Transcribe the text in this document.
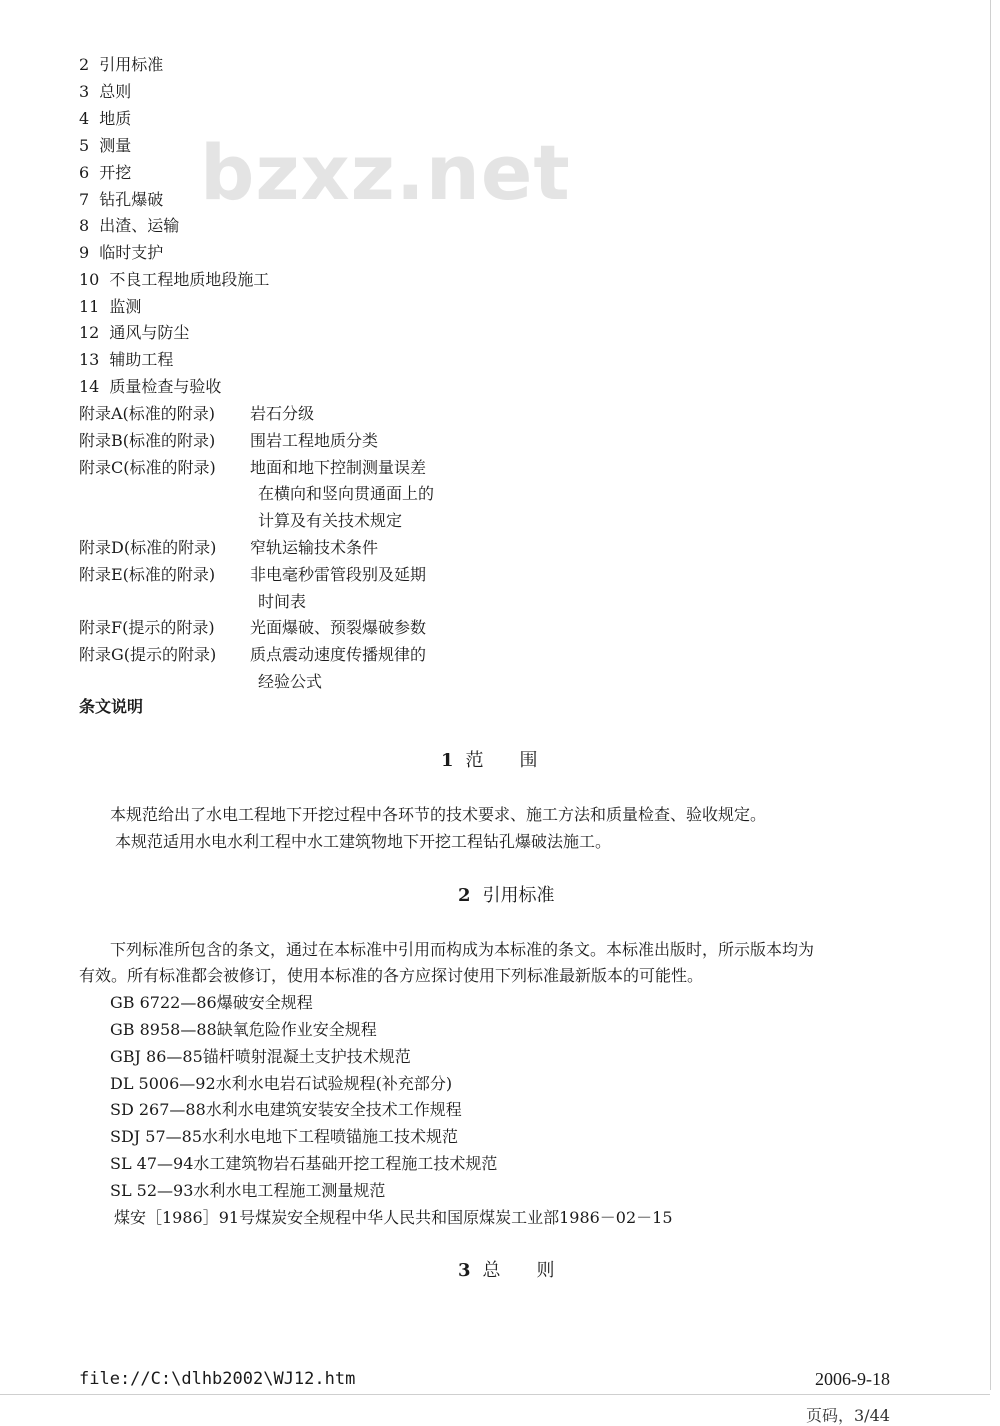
bzxz.net
2 引用标准
3 总则
4 地质
5 测量
6 开挖
7 钻孔爆破
8 出渣、运输
9 临时支护
10 不良工程地质地段施工
11 监测
12 通风与防尘
13 辅助工程
14 质量检查与验收
附录A(标准的附录) 岩石分级
附录B(标准的附录) 围岩工程地质分类
附录C(标准的附录) 地面和地下控制测量误差
在横向和竖向贯通面上的
计算及有关技术规定
附录D(标准的附录) 窄轨运输技术条件
附录E(标准的附录) 非电毫秒雷管段别及延期
时间表
附录F(提示的附录) 光面爆破、预裂爆破参数
附录G(提示的附录) 质点震动速度传播规律的
经验公式
条文说明
1 范　　围
本规范给出了水电工程地下开挖过程中各环节的技术要求、施工方法和质量检查、验收规定。
本规范适用水电水利工程中水工建筑物地下开挖工程钻孔爆破法施工。
2 引用标准
下列标准所包含的条文，通过在本标准中引用而构成为本标准的条文。本标准出版时，所示版本均为
有效。所有标准都会被修订，使用本标准的各方应探讨使用下列标准最新版本的可能性。
GB 6722—86爆破安全规程
GB 8958—88缺氧危险作业安全规程
GBJ 86—85锚杆喷射混凝土支护技术规范
DL 5006—92水利水电岩石试验规程(补充部分)
SD 267—88水利水电建筑安装安全技术工作规程
SDJ 57—85水利水电地下工程喷锚施工技术规范
SL 47—94水工建筑物岩石基础开挖工程施工技术规范
SL 52—93水利水电工程施工测量规范
煤安［1986］91号煤炭安全规程中华人民共和国原煤炭工业部1986－02－15
3 总　　则
file://C:\dlhb2002\WJ12.htm	2006-9-18
页码，3/44
